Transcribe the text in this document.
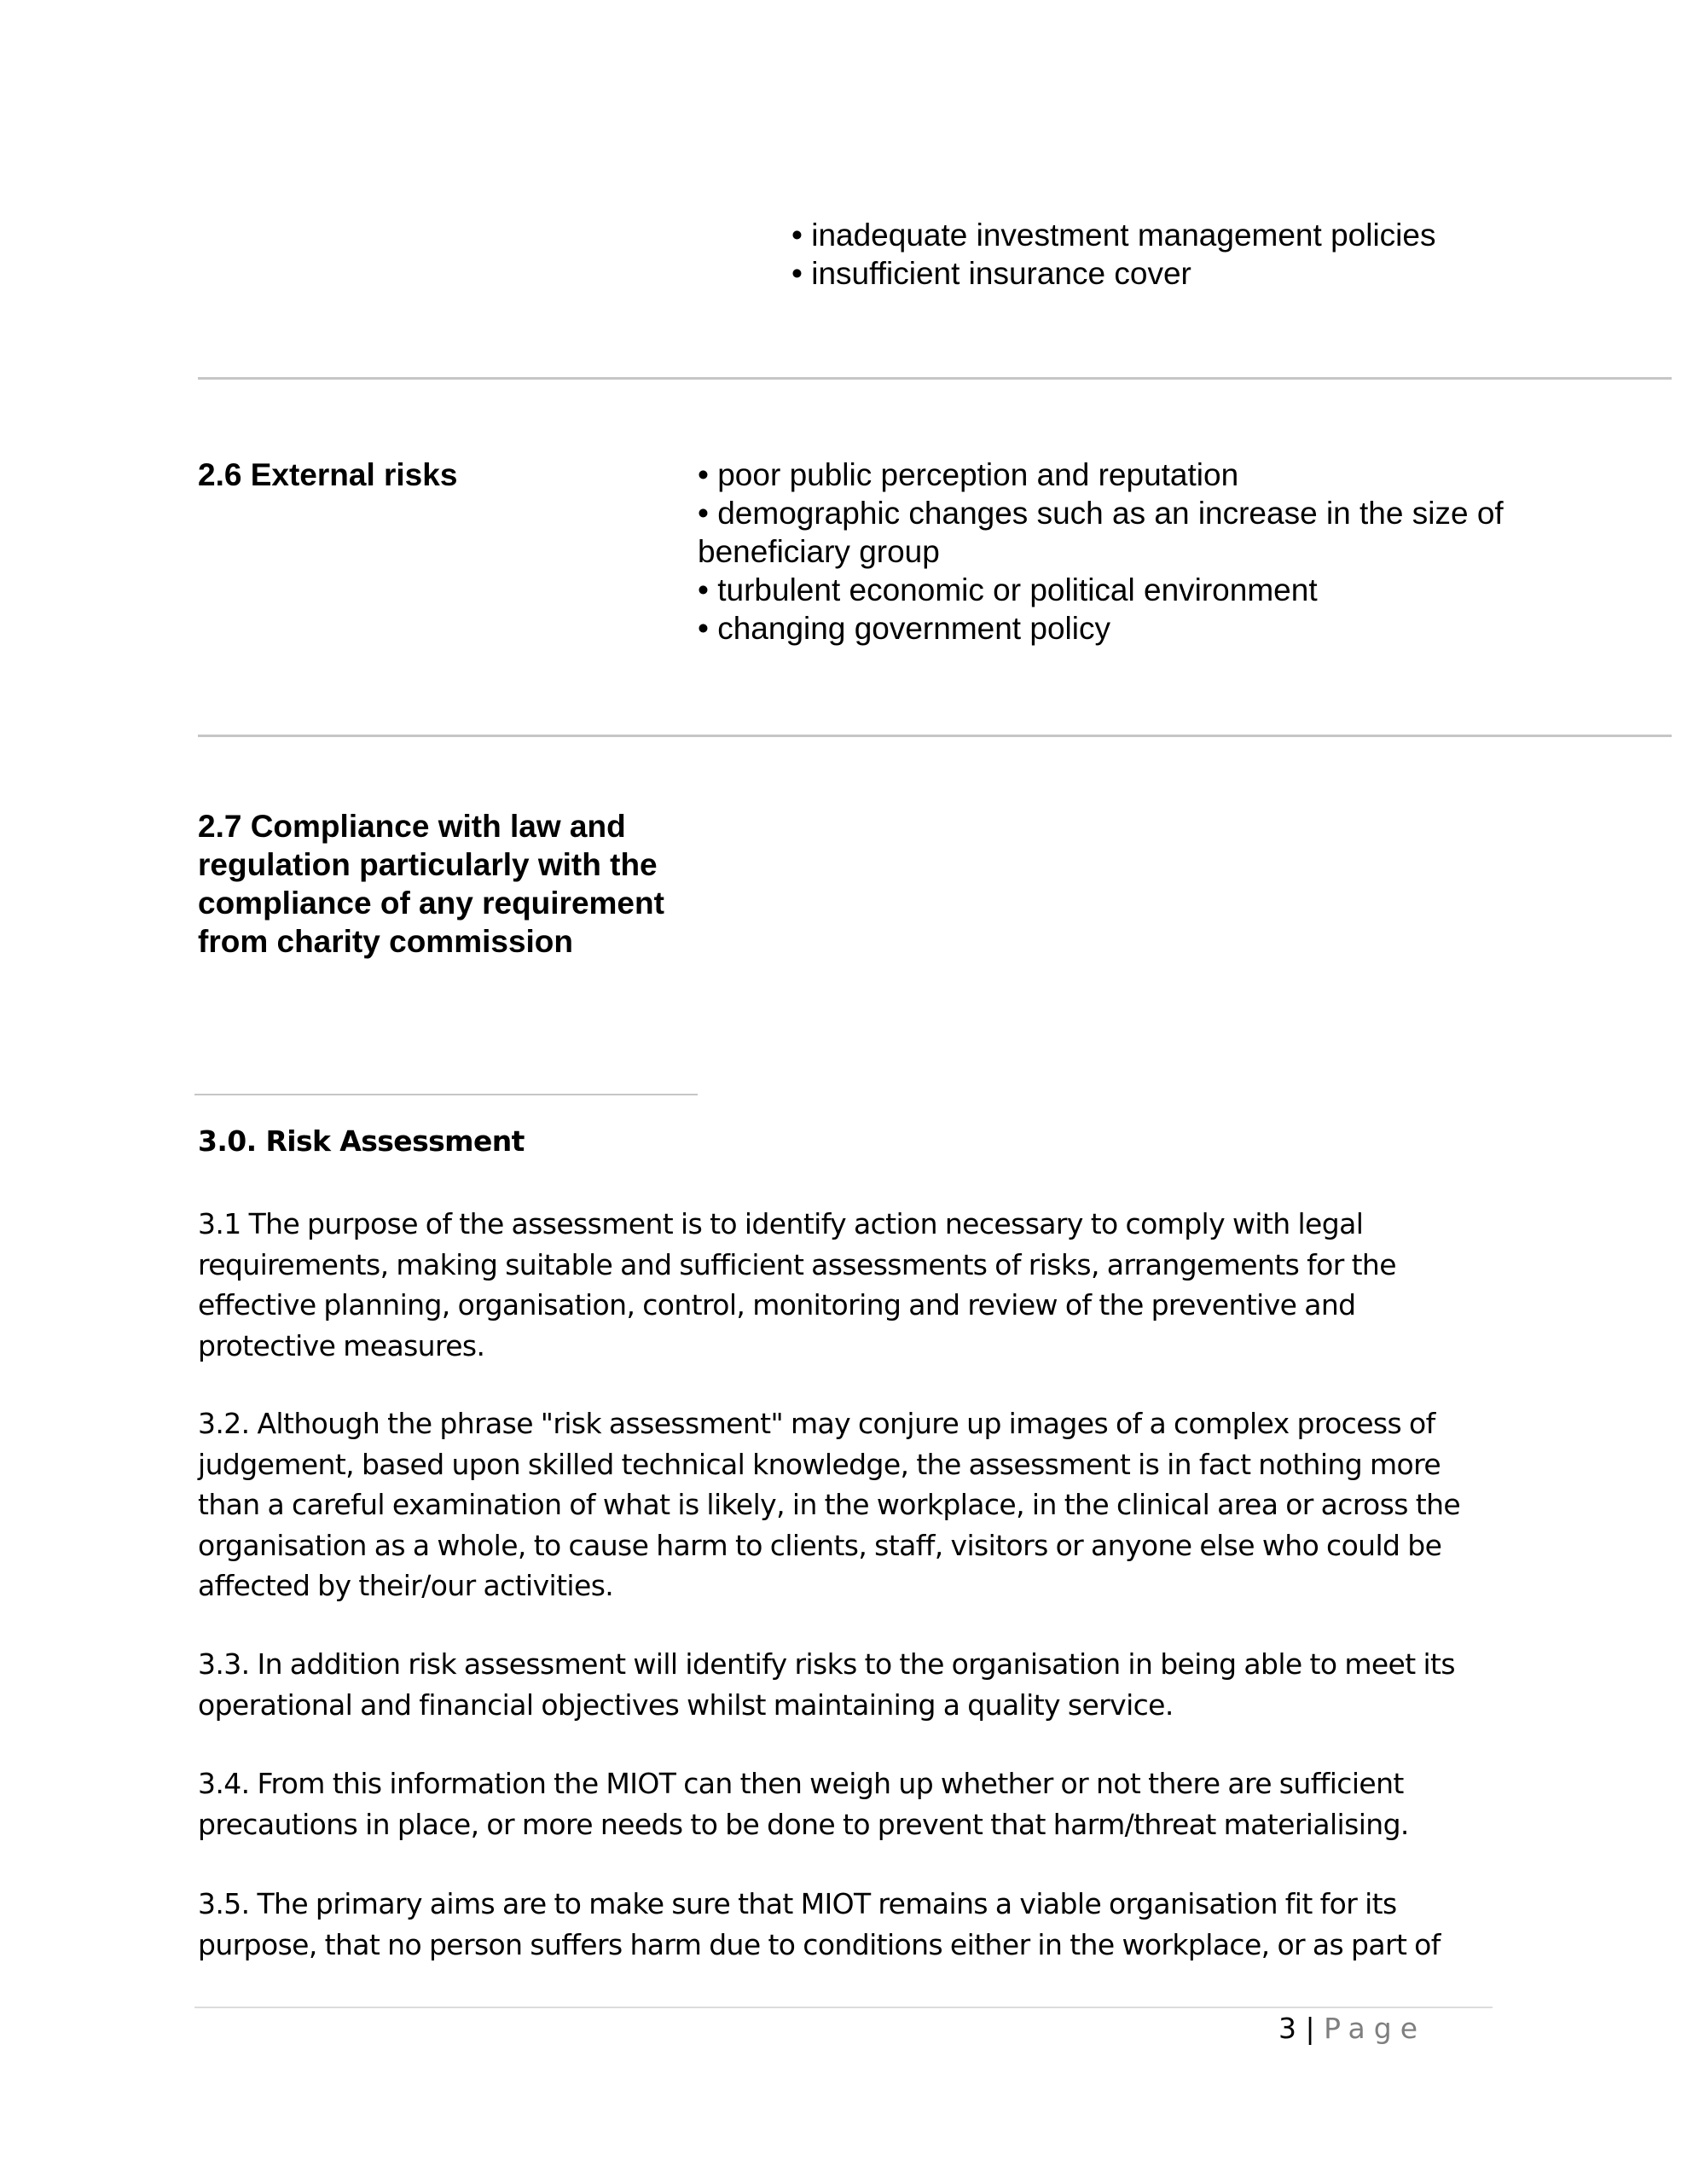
• inadequate investment management policies
• insufficient insurance cover
2.6 External risks	• poor public perception and reputation
• demographic changes such as an increase in the size of beneficiary group
• turbulent economic or political environment
• changing government policy
2.7 Compliance with law and regulation particularly with the compliance of any requirement from charity commission
3.0. Risk Assessment

3.1 The purpose of the assessment is to identify action necessary to comply with legal requirements, making suitable and sufficient assessments of risks, arrangements for the effective planning, organisation, control, monitoring and review of the preventive and protective measures.

3.2. Although the phrase "risk assessment" may conjure up images of a complex process of judgement, based upon skilled technical knowledge, the assessment is in fact nothing more than a careful examination of what is likely, in the workplace, in the clinical area or across the organisation as a whole, to cause harm to clients, staff, visitors or anyone else who could be affected by their/our activities.

3.3. In addition risk assessment will identify risks to the organisation in being able to meet its operational and financial objectives whilst maintaining a quality service.

3.4. From this information the MIOT can then weigh up whether or not there are sufficient precautions in place, or more needs to be done to prevent that harm/threat materialising.

3.5. The primary aims are to make sure that MIOT remains a viable organisation fit for its purpose, that no person suffers harm due to conditions either in the workplace, or as part of

3 | Page
